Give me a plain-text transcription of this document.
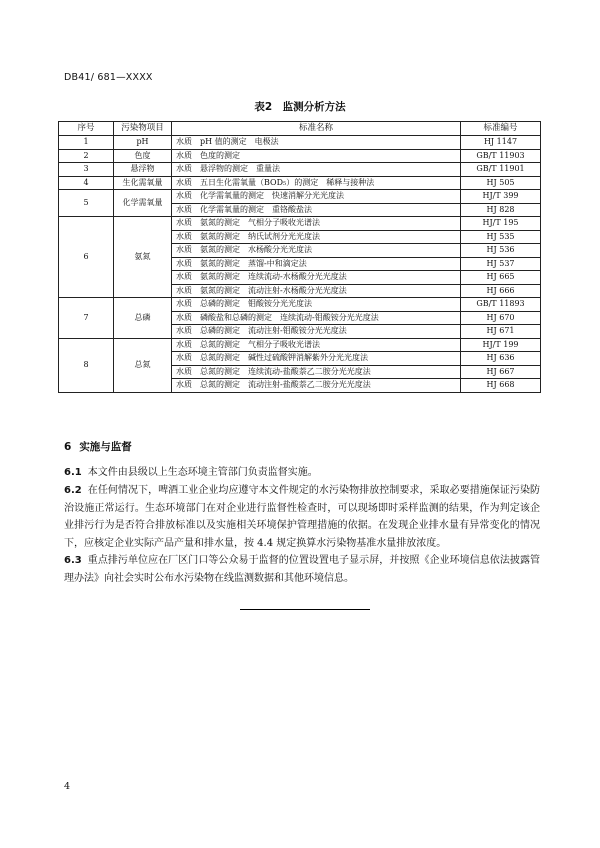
DB41/ 681—XXXX
表2　监测分析方法
序号	污染物项目	标准名称	标准编号
1	pH	水质　pH 值的测定　电极法	HJ 1147
2	色度	水质　色度的测定	GB/T 11903
3	悬浮物	水质　悬浮物的测定　重量法	GB/T 11901
4	生化需氧量	水质　五日生化需氧量（BOD₅）的测定　稀释与接种法	HJ 505
5	化学需氧量	水质　化学需氧量的测定　快速消解分光光度法	HJ/T 399
		水质　化学需氧量的测定　重铬酸盐法	HJ 828
6	氨氮	水质　氨氮的测定　气相分子吸收光谱法	HJ/T 195
		水质　氨氮的测定　纳氏试剂分光光度法	HJ 535
		水质　氨氮的测定　水杨酸分光光度法	HJ 536
		水质　氨氮的测定　蒸馏-中和滴定法	HJ 537
		水质　氨氮的测定　连续流动-水杨酸分光光度法	HJ 665
		水质　氨氮的测定　流动注射-水杨酸分光光度法	HJ 666
7	总磷	水质　总磷的测定　钼酸铵分光光度法	GB/T 11893
		水质　磷酸盐和总磷的测定　连续流动-钼酸铵分光光度法	HJ 670
		水质　总磷的测定　流动注射-钼酸铵分光光度法	HJ 671
8	总氮	水质　总氮的测定　气相分子吸收光谱法	HJ/T 199
		水质　总氮的测定　碱性过硫酸钾消解紫外分光光度法	HJ 636
		水质　总氮的测定　连续流动-盐酸萘乙二胺分光光度法	HJ 667
		水质　总氮的测定　流动注射-盐酸萘乙二胺分光光度法	HJ 668
6 实施与监督
6.1 本文件由县级以上生态环境主管部门负责监督实施。
6.2 在任何情况下，啤酒工业企业均应遵守本文件规定的水污染物排放控制要求，采取必要措施保证污染防治设施正常运行。生态环境部门在对企业进行监督性检查时，可以现场即时采样监测的结果，作为判定该企业排污行为是否符合排放标准以及实施相关环境保护管理措施的依据。在发现企业排水量有异常变化的情况下，应核定企业实际产品产量和排水量，按 4.4 规定换算水污染物基准水量排放浓度。
6.3 重点排污单位应在厂区门口等公众易于监督的位置设置电子显示屏，并按照《企业环境信息依法披露管理办法》向社会实时公布水污染物在线监测数据和其他环境信息。
4
